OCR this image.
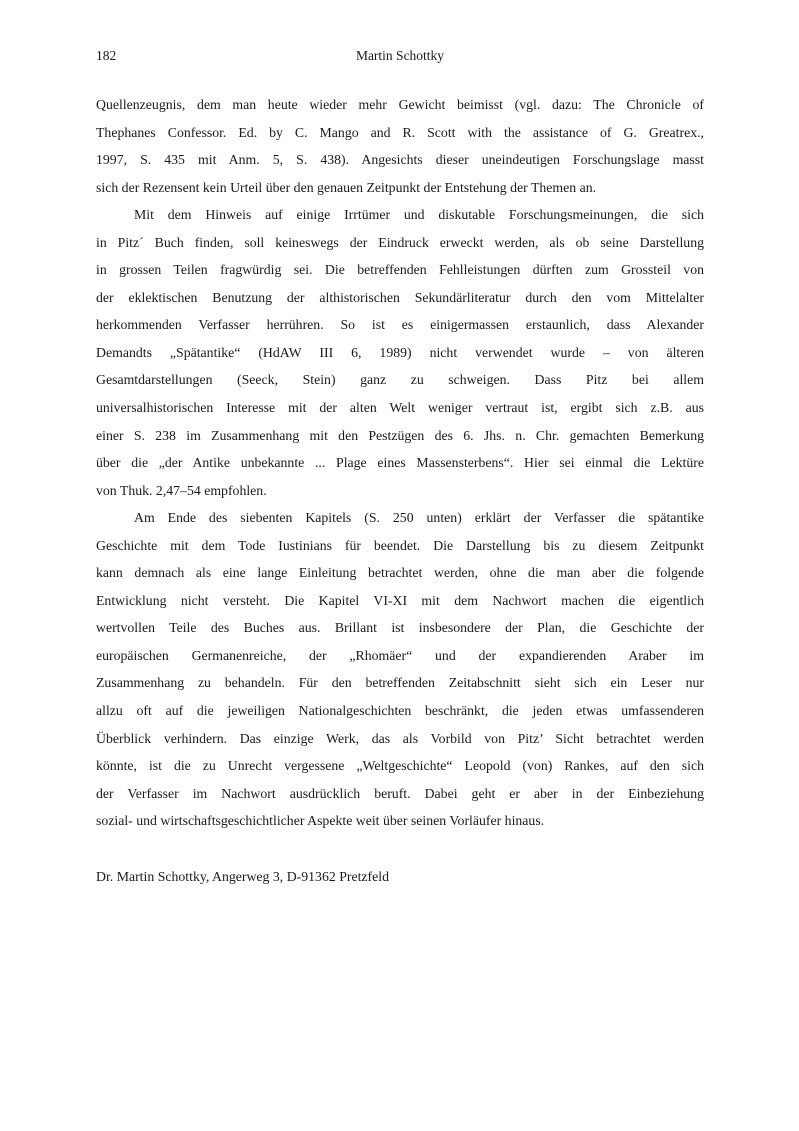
182	Martin Schottky
Quellenzeugnis, dem man heute wieder mehr Gewicht beimisst (vgl. dazu: The Chronicle of
Thephanes Confessor. Ed. by C. Mango and R. Scott with the assistance of G. Greatrex.,
1997, S. 435 mit Anm. 5, S. 438). Angesichts dieser uneindeutigen Forschungslage masst
sich der Rezensent kein Urteil über den genauen Zeitpunkt der Entstehung der Themen an.
Mit dem Hinweis auf einige Irrtümer und diskutable Forschungsmeinungen, die sich
in Pitz´ Buch finden, soll keineswegs der Eindruck erweckt werden, als ob seine Darstellung
in grossen Teilen fragwürdig sei. Die betreffenden Fehlleistungen dürften zum Grossteil von
der eklektischen Benutzung der althistorischen Sekundärliteratur durch den vom Mittelalter
herkommenden Verfasser herrühren. So ist es einigermassen erstaunlich, dass Alexander
Demandts „Spätantike“ (HdAW III 6, 1989) nicht verwendet wurde – von älteren
Gesamtdarstellungen (Seeck, Stein) ganz zu schweigen. Dass Pitz bei allem
universalhistorischen Interesse mit der alten Welt weniger vertraut ist, ergibt sich z.B. aus
einer S. 238 im Zusammenhang mit den Pestzügen des 6. Jhs. n. Chr. gemachten Bemerkung
über die „der Antike unbekannte ... Plage eines Massensterbens“. Hier sei einmal die Lektüre
von Thuk. 2,47–54 empfohlen.
Am Ende des siebenten Kapitels (S. 250 unten) erklärt der Verfasser die spätantike
Geschichte mit dem Tode Iustinians für beendet. Die Darstellung bis zu diesem Zeitpunkt
kann demnach als eine lange Einleitung betrachtet werden, ohne die man aber die folgende
Entwicklung nicht versteht. Die Kapitel VI-XI mit dem Nachwort machen die eigentlich
wertvollen Teile des Buches aus. Brillant ist insbesondere der Plan, die Geschichte der
europäischen Germanenreiche, der „Rhomäer“ und der expandierenden Araber im
Zusammenhang zu behandeln. Für den betreffenden Zeitabschnitt sieht sich ein Leser nur
allzu oft auf die jeweiligen Nationalgeschichten beschränkt, die jeden etwas umfassenderen
Überblick verhindern. Das einzige Werk, das als Vorbild von Pitz’ Sicht betrachtet werden
könnte, ist die zu Unrecht vergessene „Weltgeschichte“ Leopold (von) Rankes, auf den sich
der Verfasser im Nachwort ausdrücklich beruft. Dabei geht er aber in der Einbeziehung
sozial- und wirtschaftsgeschichtlicher Aspekte weit über seinen Vorläufer hinaus.
Dr. Martin Schottky, Angerweg 3, D-91362 Pretzfeld
